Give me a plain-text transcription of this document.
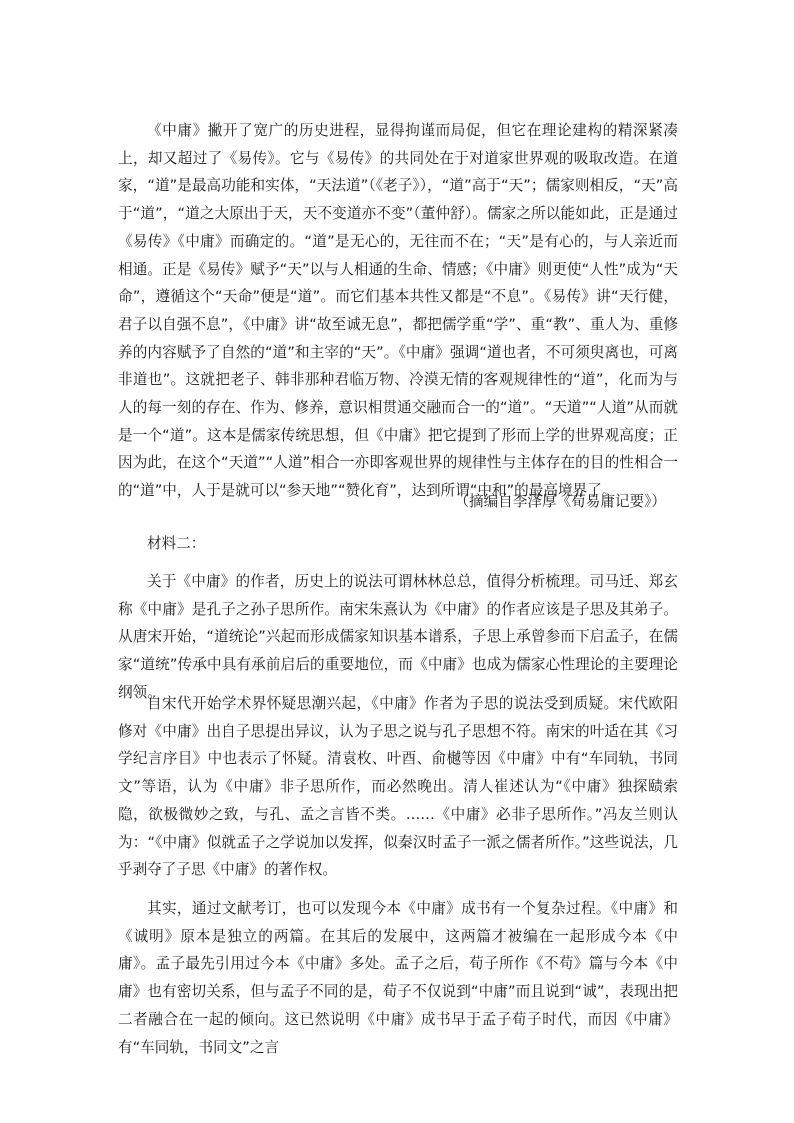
《中庸》撇开了宽广的历史进程，显得拘谨而局促，但它在理论建构的精深紧凑上，却又超过了《易传》。它与《易传》的共同处在于对道家世界观的吸取改造。在道家，“道”是最高功能和实体，“天法道”（《老子》），“道”高于“天”；儒家则相反，“天”高于“道”，“道之大原出于天，天不变道亦不变”（董仲舒）。儒家之所以能如此，正是通过《易传》《中庸》而确定的。“道”是无心的，无往而不在；“天”是有心的，与人亲近而相通。正是《易传》赋予“天”以与人相通的生命、情感；《中庸》则更使“人性”成为“天命”，遵循这个“天命”便是“道”。而它们基本共性又都是“不息”。《易传》讲“天行健，君子以自强不息”，《中庸》讲“故至诚无息”，都把儒学重“学”、重“教”、重人为、重修养的内容赋予了自然的“道”和主宰的“天”。《中庸》强调“道也者，不可须臾离也，可离非道也”。这就把老子、韩非那种君临万物、冷漠无情的客观规律性的“道”，化而为与人的每一刻的存在、作为、修养，意识相贯通交融而合一的“道”。“天道”“人道”从而就是一个“道”。这本是儒家传统思想，但《中庸》把它提到了形而上学的世界观高度；正因为此，在这个“天道”“人道”相合一亦即客观世界的规律性与主体存在的目的性相合一的“道”中，人于是就可以“参天地”“赞化育”，达到所谓“中和”的最高境界了。

（摘编自李泽厚《荀易庸记要》）

材料二：

关于《中庸》的作者，历史上的说法可谓林林总总，值得分析梳理。司马迁、郑玄称《中庸》是孔子之孙子思所作。南宋朱熹认为《中庸》的作者应该是子思及其弟子。从唐宋开始，“道统论”兴起而形成儒家知识基本谱系，子思上承曾参而下启孟子，在儒家“道统”传承中具有承前启后的重要地位，而《中庸》也成为儒家心性理论的主要理论纲领。

自宋代开始学术界怀疑思潮兴起，《中庸》作者为子思的说法受到质疑。宋代欧阳修对《中庸》出自子思提出异议，认为子思之说与孔子思想不符。南宋的叶适在其《习学纪言序目》中也表示了怀疑。清袁枚、叶酉、俞樾等因《中庸》中有“车同轨，书同文”等语，认为《中庸》非子思所作，而必然晚出。清人崔述认为“《中庸》独探赜索隐，欲极微妙之致，与孔、孟之言皆不类。……《中庸》必非子思所作。”冯友兰则认为：“《中庸》似就孟子之学说加以发挥，似秦汉时孟子一派之儒者所作。”这些说法，几乎剥夺了子思《中庸》的著作权。

其实，通过文献考订，也可以发现今本《中庸》成书有一个复杂过程。《中庸》和《诚明》原本是独立的两篇。在其后的发展中，这两篇才被编在一起形成今本《中庸》。孟子最先引用过今本《中庸》多处。孟子之后，荀子所作《不苟》篇与今本《中庸》也有密切关系，但与孟子不同的是，荀子不仅说到“中庸”而且说到“诚”，表现出把二者融合在一起的倾向。这已然说明《中庸》成书早于孟子荀子时代，而因《中庸》有“车同轨，书同文”之言
